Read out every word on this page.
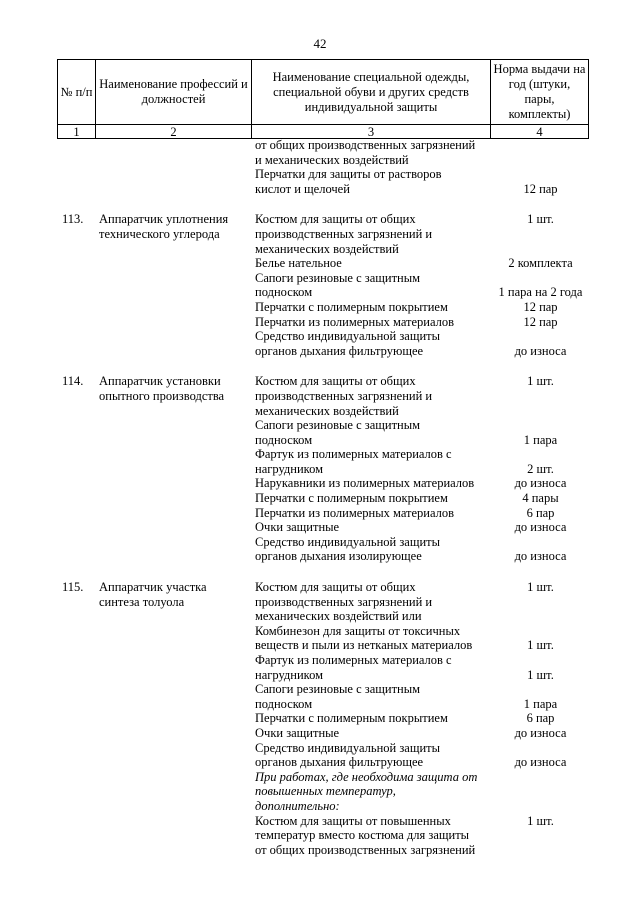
42
№ п/п	Наименование профессий и должностей	Наименование специальной одежды, специальной обуви и других средств индивидуальной защиты	Норма выдачи на год (штуки, пары, комплекты)
1	2	3	4
от общих производственных загрязнений
и механических воздействий
Перчатки для защиты от растворов
кислот и щелочей	12 пар
113.	Аппаратчик уплотнения	Костюм для защиты от общих	1 шт.
технического углерода	производственных загрязнений и
механических воздействий
Белье нательное	2 комплекта
Сапоги резиновые с защитным
подноском	1 пара на 2 года
Перчатки с полимерным покрытием	12 пар
Перчатки из полимерных материалов	12 пар
Средство индивидуальной защиты
органов дыхания фильтрующее	до износа
114.	Аппаратчик установки	Костюм для защиты от общих	1 шт.
опытного производства	производственных загрязнений и
механических воздействий
Сапоги резиновые с защитным
подноском	1 пара
Фартук из полимерных материалов с
нагрудником	2 шт.
Нарукавники из полимерных материалов	до износа
Перчатки с полимерным покрытием	4 пары
Перчатки из полимерных материалов	6 пар
Очки защитные	до износа
Средство индивидуальной защиты
органов дыхания изолирующее	до износа
115.	Аппаратчик участка	Костюм для защиты от общих	1 шт.
синтеза толуола	производственных загрязнений и
механических воздействий или
Комбинезон для защиты от токсичных
веществ и пыли из нетканых материалов	1 шт.
Фартук из полимерных материалов с
нагрудником	1 шт.
Сапоги резиновые с защитным
подноском	1 пара
Перчатки с полимерным покрытием	6 пар
Очки защитные	до износа
Средство индивидуальной защиты
органов дыхания фильтрующее	до износа
При работах, где необходима защита от
повышенных температур,
дополнительно:
Костюм для защиты от повышенных	1 шт.
температур вместо костюма для защиты
от общих производственных загрязнений
